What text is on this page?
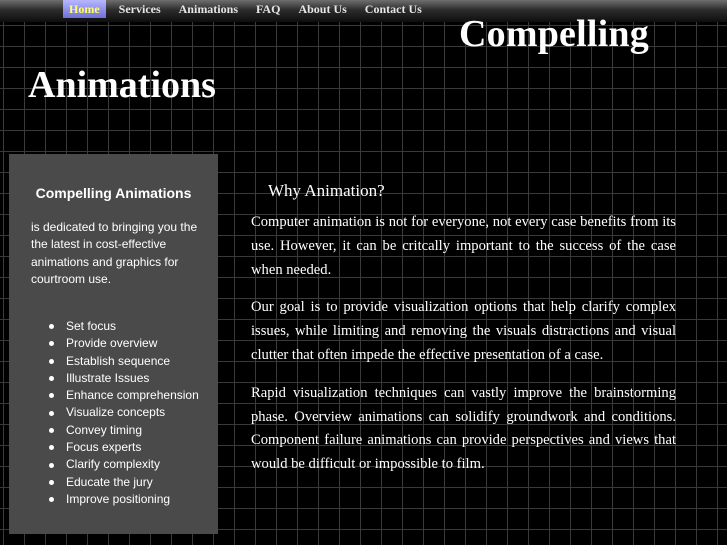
Home	Services Animations FAQ About Us Contact Us
Compelling
Animations
Compelling Animations
is dedicated to bringing you the the latest in cost-effective animations and graphics for courtroom use.
Set focus
Provide overview
Establish sequence
Illustrate Issues
Enhance comprehension
Visualize concepts
Convey timing
Focus experts
Clarify complexity
Educate the jury
Improve positioning
Why Animation?

Computer animation is not for everyone, not every case benefits from its use. However, it can be critcally important to the success of the case when needed.

Our goal is to provide visualization options that help clarify complex issues, while limiting and removing the visuals distractions and visual clutter that often impede the effective presentation of a case.

Rapid visualization techniques can vastly improve the brainstorming phase. Overview animations can solidify groundwork and conditions. Component failure animations can provide perspectives and views that would be difficult or impossible to film.
